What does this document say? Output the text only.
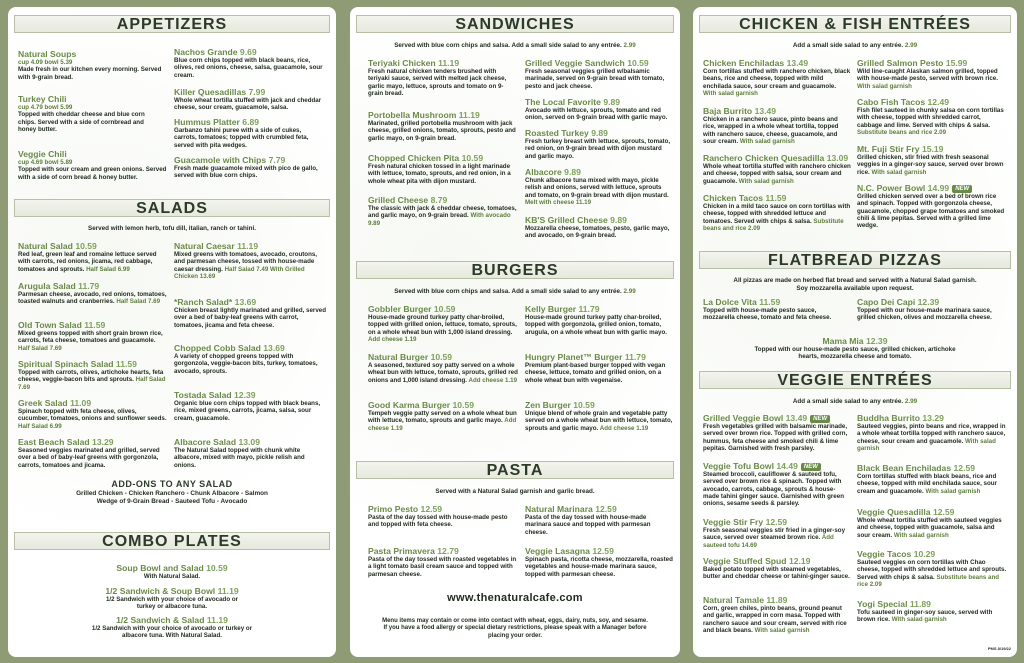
APPETIZERS
Natural Soups
cup 4.09 bowl 5.39
Made fresh in our kitchen every morning. Served with 9-grain bread.
Turkey Chili
cup 4.79 bowl 5.99
Topped with cheddar cheese and blue corn chips. Served with a side of cornbread and honey butter.
Veggie Chili
cup 4.69 bowl 5.89
Topped with sour cream and green onions. Served with a side of corn bread & honey butter.
Nachos Grande 9.69
Blue corn chips topped with black beans, rice, olives, red onions, cheese, salsa, guacamole, sour cream.
Killer Quesadillas 7.99
Whole wheat tortilla stuffed with jack and cheddar cheese, sour cream, guacamole, salsa.
Hummus Platter 6.89
Garbanzo tahini puree with a side of cukes, carrots, tomatoes; topped with crumbled feta, served with pita wedges.
Guacamole with Chips 7.79
Fresh made guacamole mixed with pico de gallo, served with blue corn chips.
SALADS
Served with lemon herb, tofu dill, italian, ranch or tahini.
Natural Salad 10.59
Red leaf, green leaf and romaine lettuce served with carrots, red onions, jicama, red cabbage, tomatoes and sprouts. Half Salad 6.99
Arugula Salad 11.79
Parmesan cheese, avocado, red onions, tomatoes, toasted walnuts and cranberries. Half Salad 7.69
Old Town Salad 11.59
Mixed greens topped with short grain brown rice, carrots, feta cheese, tomatoes and guacamole. Half Salad 7.69
Spiritual Spinach Salad 11.59
Topped with carrots, olives, artichoke hearts, feta cheese, veggie-bacon bits and sprouts. Half Salad 7.69
Greek Salad 11.09
Spinach topped with feta cheese, olives, cucumber, tomatoes, onions and sunflower seeds. Half Salad 6.99
East Beach Salad 13.29
Seasoned veggies marinated and grilled, served over a bed of baby-leaf greens with gorgonzola, carrots, tomatoes and jicama.
Natural Caesar 11.19
Mixed greens with tomatoes, avocado, croutons, and parmesan cheese, tossed with house-made caesar dressing. Half Salad 7.49 With Grilled Chicken 13.69
*Ranch Salad* 13.69
Chicken breast lightly marinated and grilled, served over a bed of baby-leaf greens with carrot, tomatoes, jicama and feta cheese.
Chopped Cobb Salad 13.69
A variety of chopped greens topped with gorgonzola, veggie-bacon bits, turkey, tomatoes, avocado, sprouts.
Tostada Salad 12.39
Organic blue corn chips topped with black beans, rice, mixed greens, carrots, jicama, salsa, sour cream, guacamole.
Albacore Salad 13.09
The Natural Salad topped with chunk white albacore, mixed with mayo, pickle relish and onions.
ADD-ONS TO ANY SALAD
Grilled Chicken - Chicken Ranchero - Chunk Albacore - Salmon
Wedge of 9-Grain Bread - Sauteed Tofu - Avocado
COMBO PLATES
Soup Bowl and Salad 10.59
With Natural Salad.
1/2 Sandwich & Soup Bowl 11.19
1/2 Sandwich with your choice of avocado or turkey or albacore tuna.
1/2 Sandwich & Salad 11.19
1/2 Sandwich with your choice of avocado or turkey or albacore tuna. With Natural Salad.
SANDWICHES
Served with blue corn chips and salsa. Add a small side salad to any entrée. 2.99
Teriyaki Chicken 11.19
Fresh natural chicken tenders brushed with teriyaki sauce, served with melted jack cheese, garlic mayo, lettuce, sprouts and tomato on 9-grain bread.
Portobella Mushroom 11.19
Marinated, grilled portobella mushroom with jack cheese, grilled onions, tomato, sprouts, pesto and garlic mayo, on 9-grain bread.
Chopped Chicken Pita 10.59
Fresh natural chicken tossed in a light marinade with lettuce, tomato, sprouts, and red onion, in a whole wheat pita with dijon mustard.
Grilled Cheese 8.79
The classic with jack & cheddar cheese, tomatoes, and garlic mayo, on 9-grain bread. With avocado 9.89
Grilled Veggie Sandwich 10.59
Fresh seasonal veggies grilled w/balsamic marinade, served on 9-grain bread with tomato, pesto and jack cheese.
The Local Favorite 9.89
Avocado with lettuce, sprouts, tomato and red onion, served on 9-grain bread with garlic mayo.
Roasted Turkey 9.89
Fresh turkey breast with lettuce, sprouts, tomato, red onion, on 9-grain bread with dijon mustard and garlic mayo.
Albacore 9.89
Chunk albacore tuna mixed with mayo, pickle relish and onions, served with lettuce, sprouts and tomato, on 9-grain bread with dijon mustard. Melt with cheese 11.19
KB'S Grilled Cheese 9.89
Mozzarella cheese, tomatoes, pesto, garlic mayo, and avocado, on 9-grain bread.
BURGERS
Served with blue corn chips and salsa. Add a small side salad to any entrée. 2.99
Gobbler Burger 10.59
House-made ground turkey patty char-broiled, topped with grilled onion, lettuce, tomato, sprouts, on a whole wheat bun with 1,000 island dressing. Add cheese 1.19
Natural Burger 10.59
A seasoned, textured soy patty served on a whole wheat bun with lettuce, tomato, sprouts, grilled red onions and 1,000 island dressing. Add cheese 1.19
Good Karma Burger 10.59
Tempeh veggie patty served on a whole wheat bun with lettuce, tomato, sprouts and garlic mayo. Add cheese 1.19
Kelly Burger 11.79
House-made ground turkey patty char-broiled, topped with gorgonzola, grilled onion, tomato, arugula, on a whole wheat bun with garlic mayo.
Hungry Planet™ Burger 11.79
Premium plant-based burger topped with vegan cheese, lettuce, tomato and grilled onion, on a whole wheat bun with vegenaise.
Zen Burger 10.59
Unique blend of whole grain and vegetable patty served on a whole wheat bun with lettuce, tomato, sprouts and garlic mayo. Add cheese 1.19
PASTA
Served with a Natural Salad garnish and garlic bread.
Primo Pesto 12.59
Pasta of the day tossed with house-made pesto and topped with feta cheese.
Pasta Primavera 12.79
Pasta of the day tossed with roasted vegetables in a light tomato basil cream sauce and topped with parmesan cheese.
Natural Marinara 12.59
Pasta of the day tossed with house-made marinara sauce and topped with parmesan cheese.
Veggie Lasagna 12.59
Spinach pasta, ricotta cheese, mozzarella, roasted vegetables and house-made marinara sauce, topped with parmesan cheese.
www.thenaturalcafe.com
Menu items may contain or come into contact with wheat, eggs, dairy, nuts, soy, and sesame. If you have a food allergy or special dietary restrictions, please speak with a Manager before placing your order.
CHICKEN & FISH ENTRÉES
Add a small side salad to any entrée. 2.99
Chicken Enchiladas 13.49
Corn tortillas stuffed with ranchero chicken, black beans, rice and cheese, topped with mild enchilada sauce, sour cream and guacamole. With salad garnish
Baja Burrito 13.49
Chicken in a ranchero sauce, pinto beans and rice, wrapped in a whole wheat tortilla, topped with ranchero sauce, cheese, guacamole, and sour cream. With salad garnish
Ranchero Chicken Quesadilla 13.09
Whole wheat tortilla stuffed with ranchero chicken and cheese, topped with salsa, sour cream and guacamole. With salad garnish
Chicken Tacos 11.59
Chicken in a mild taco sauce on corn tortillas with cheese, topped with shredded lettuce and tomatoes. Served with chips & salsa. Substitute beans and rice 2.09
Grilled Salmon Pesto 15.99
Wild line-caught Alaskan salmon grilled, topped with house-made pesto, served with brown rice. With salad garnish
Cabo Fish Tacos 12.49
Fish filet sauteed in chunky salsa on corn tortillas with cheese, topped with shredded carrot, cabbage and lime. Served with chips & salsa. Substitute beans and rice 2.09
Mt. Fuji Stir Fry 15.19
Grilled chicken, stir fried with fresh seasonal veggies in a ginger-soy sauce, served over brown rice. With salad garnish
N.C. Power Bowl 14.99 NEW
Grilled chicken served over a bed of brown rice and spinach. Topped with gorgonzola cheese, guacamole, chopped grape tomatoes and smoked chili & lime pepitas. Served with a grilled lime wedge.
FLATBREAD PIZZAS
All pizzas are made on herbed flat bread and served with a Natural Salad garnish. Soy mozzarella available upon request.
La Dolce Vita 11.59
Topped with house-made pesto sauce, mozzarella cheese, tomato and feta cheese.
Capo Dei Capi 12.39
Topped with our house-made marinara sauce, grilled chicken, olives and mozzarella cheese.
Mama Mia 12.39
Topped with our house-made pesto sauce, grilled chicken, artichoke hearts, mozzarella cheese and tomato.
VEGGIE ENTRÉES
Add a small side salad to any entrée. 2.99
Grilled Veggie Bowl 13.49 NEW
Fresh vegetables grilled with balsamic marinade, served over brown rice. Topped with grilled corn, hummus, feta cheese and smoked chili & lime pepitas. Garnished with fresh parsley.
Veggie Tofu Bowl 14.49 NEW
Steamed broccoli, cauliflower & sauteed tofu, served over brown rice & spinach. Topped with avocado, carrots, cabbage, sprouts & house-made tahini ginger sauce. Garnished with green onions, sesame seeds & parsley.
Veggie Stir Fry 12.59
Fresh seasonal veggies stir fried in a ginger-soy sauce, served over steamed brown rice. Add sauteed tofu 14.69
Veggie Stuffed Spud 12.19
Baked potato topped with steamed vegetables, butter and cheddar cheese or tahini-ginger sauce.
Natural Tamale 11.89
Corn, green chiles, pinto beans, ground peanut and garlic, wrapped in corn masa. Topped with ranchero sauce and sour cream, served with rice and black beans. With salad garnish
Buddha Burrito 13.29
Sauteed veggies, pinto beans and rice, wrapped in a whole wheat tortilla topped with ranchero sauce, cheese, sour cream and guacamole. With salad garnish
Black Bean Enchiladas 12.59
Corn tortillas stuffed with black beans, rice and cheese, topped with mild enchilada sauce, sour cream and guacamole. With salad garnish
Veggie Quesadilla 12.59
Whole wheat tortilla stuffed with sauteed veggies and cheese, topped with guacamole, salsa and sour cream. With salad garnish
Veggie Tacos 10.29
Sauteed veggies on corn tortillas with Chao cheese, topped with shredded lettuce and sprouts. Served with chips & salsa. Substitute beans and rice 2.09
Yogi Special 11.89
Tofu sauteed in ginger-soy sauce, served with brown rice. With salad garnish
PMS 8/19/22
